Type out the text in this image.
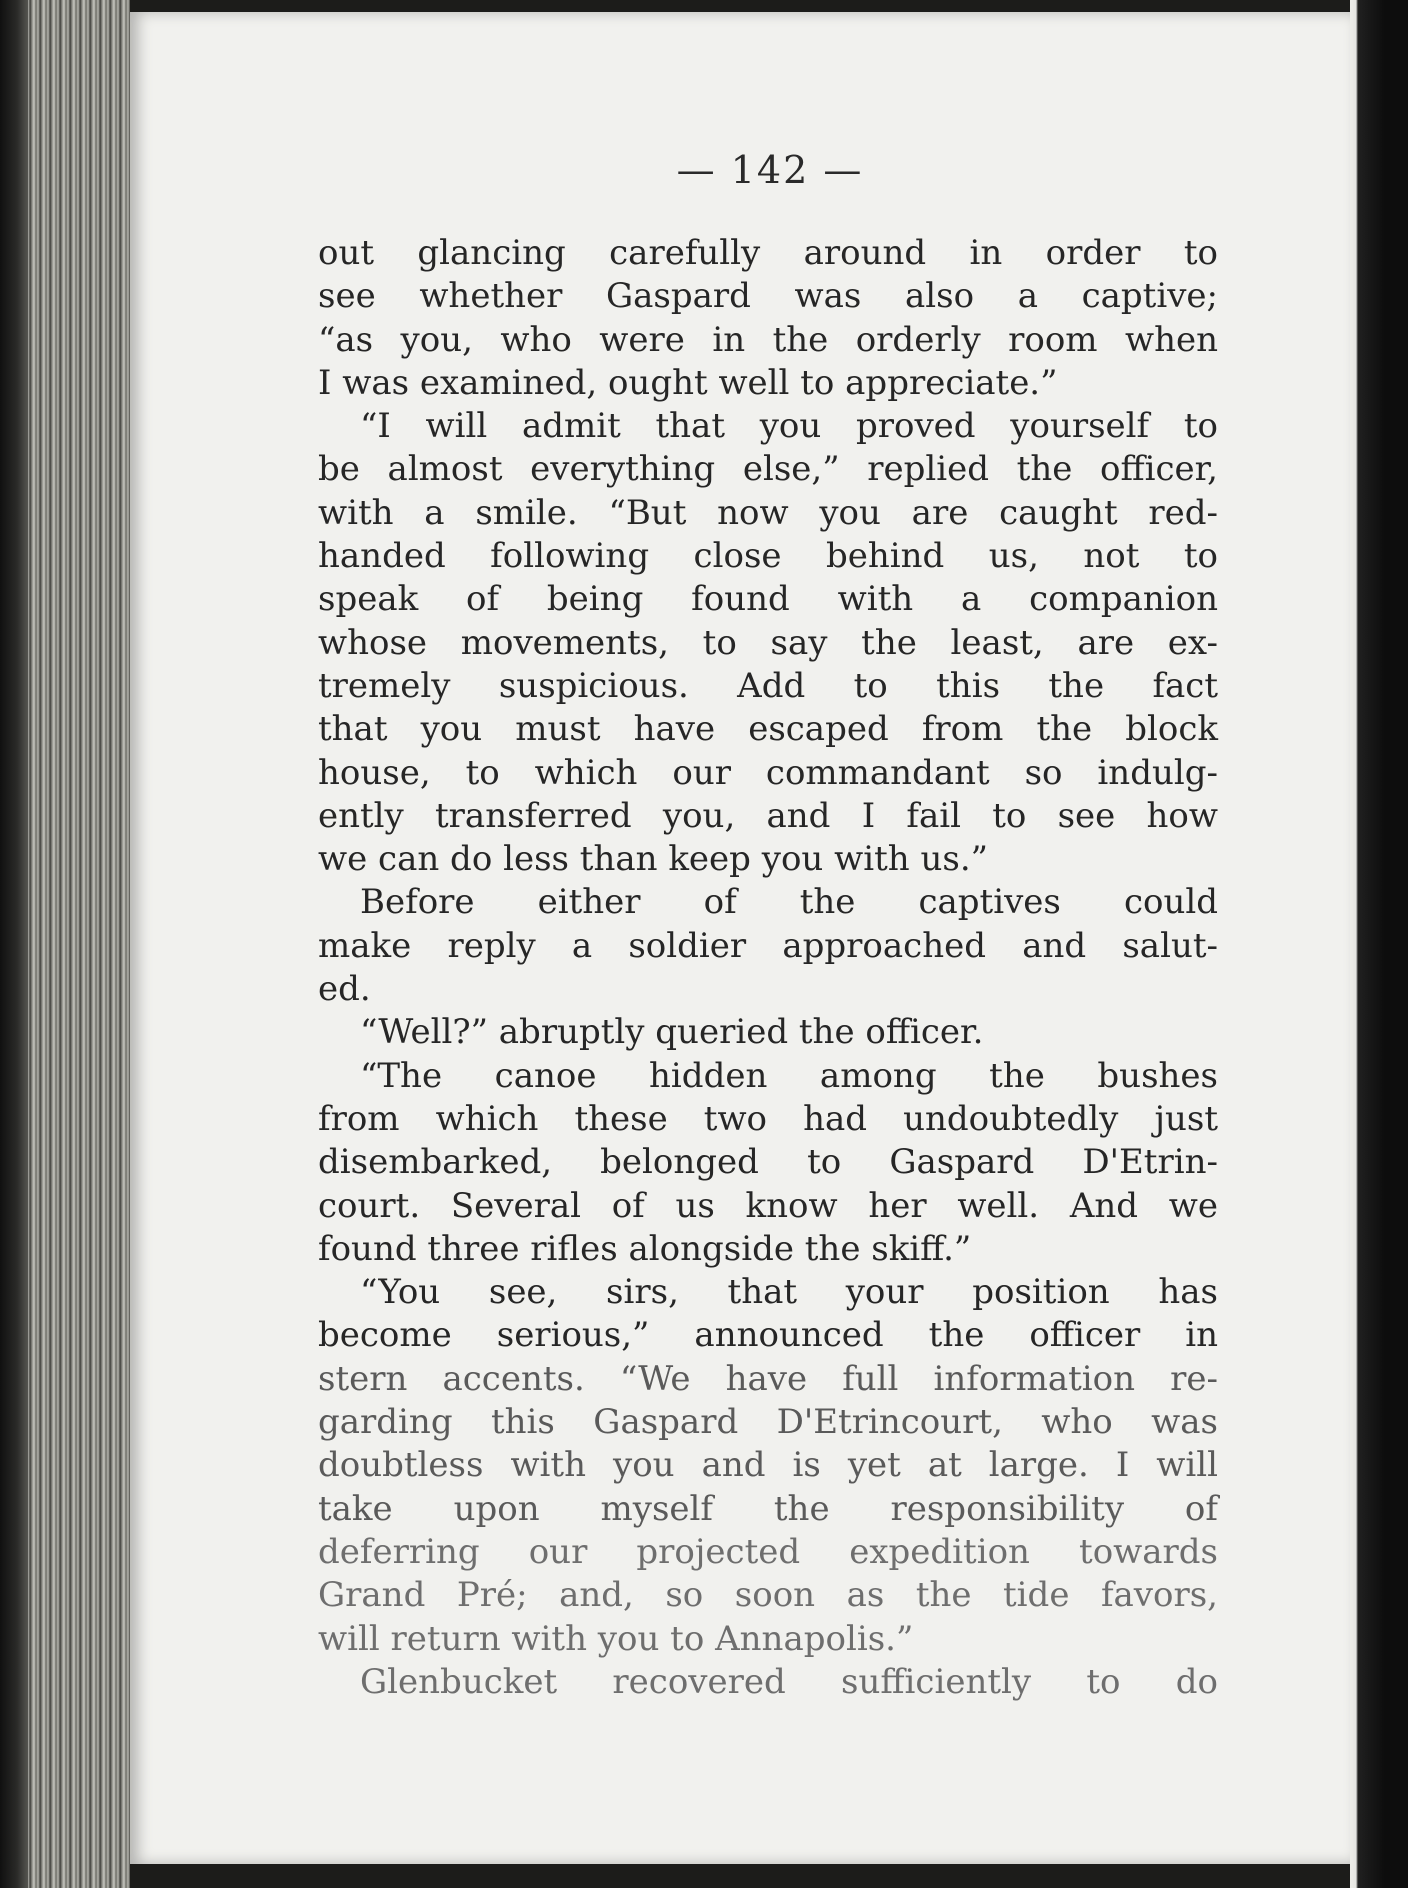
— 142 —
out glancing carefully around in order to
see whether Gaspard was also a captive;
“as you, who were in the orderly room when
I was examined, ought well to appreciate.”
“I will admit that you proved yourself to
be almost everything else,” replied the officer,
with a smile. “But now you are caught red-
handed following close behind us, not to
speak of being found with a companion
whose movements, to say the least, are ex-
tremely suspicious. Add to this the fact
that you must have escaped from the block
house, to which our commandant so indulg-
ently transferred you, and I fail to see how
we can do less than keep you with us.”
Before either of the captives could
make reply a soldier approached and salut-
ed.
“Well?” abruptly queried the officer.
“The canoe hidden among the bushes
from which these two had undoubtedly just
disembarked, belonged to Gaspard D'Etrin-
court. Several of us know her well. And we
found three rifles alongside the skiff.”
“You see, sirs, that your position has
become serious,” announced the officer in
stern accents. “We have full information re-
garding this Gaspard D'Etrincourt, who was
doubtless with you and is yet at large. I will
take upon myself the responsibility of
deferring our projected expedition towards
Grand Pré; and, so soon as the tide favors,
will return with you to Annapolis.”
Glenbucket recovered sufficiently to do
